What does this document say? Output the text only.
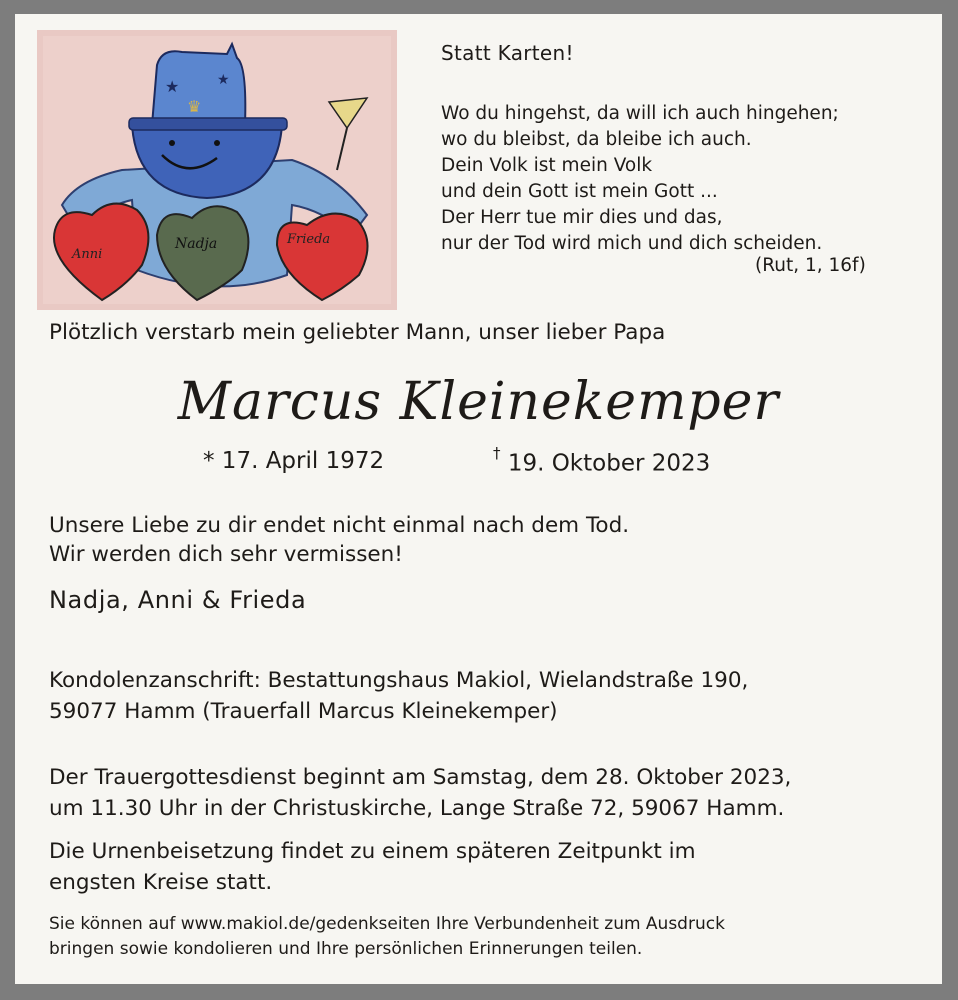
★	★
♛
Anni
Nadja	Frieda

Statt Karten!

Wo du hingehst, da will ich auch hingehen;
wo du bleibst, da bleibe ich auch.
Dein Volk ist mein Volk
und dein Gott ist mein Gott ...
Der Herr tue mir dies und das,
nur der Tod wird mich und dich scheiden.

(Rut, 1, 16f)

Plötzlich verstarb mein geliebter Mann, unser lieber Papa

Marcus Kleinekemper

* 17. April 1972	† 19. Oktober 2023

Unsere Liebe zu dir endet nicht einmal nach dem Tod.
Wir werden dich sehr vermissen!

Nadja, Anni & Frieda

Kondolenzanschrift: Bestattungshaus Makiol, Wielandstraße 190,
59077 Hamm (Trauerfall Marcus Kleinekemper)

Der Trauergottesdienst beginnt am Samstag, dem 28. Oktober 2023,
um 11.30 Uhr in der Christuskirche, Lange Straße 72, 59067 Hamm.

Die Urnenbeisetzung findet zu einem späteren Zeitpunkt im
engsten Kreise statt.

Sie können auf www.makiol.de/gedenkseiten Ihre Verbundenheit zum Ausdruck
bringen sowie kondolieren und Ihre persönlichen Erinnerungen teilen.
